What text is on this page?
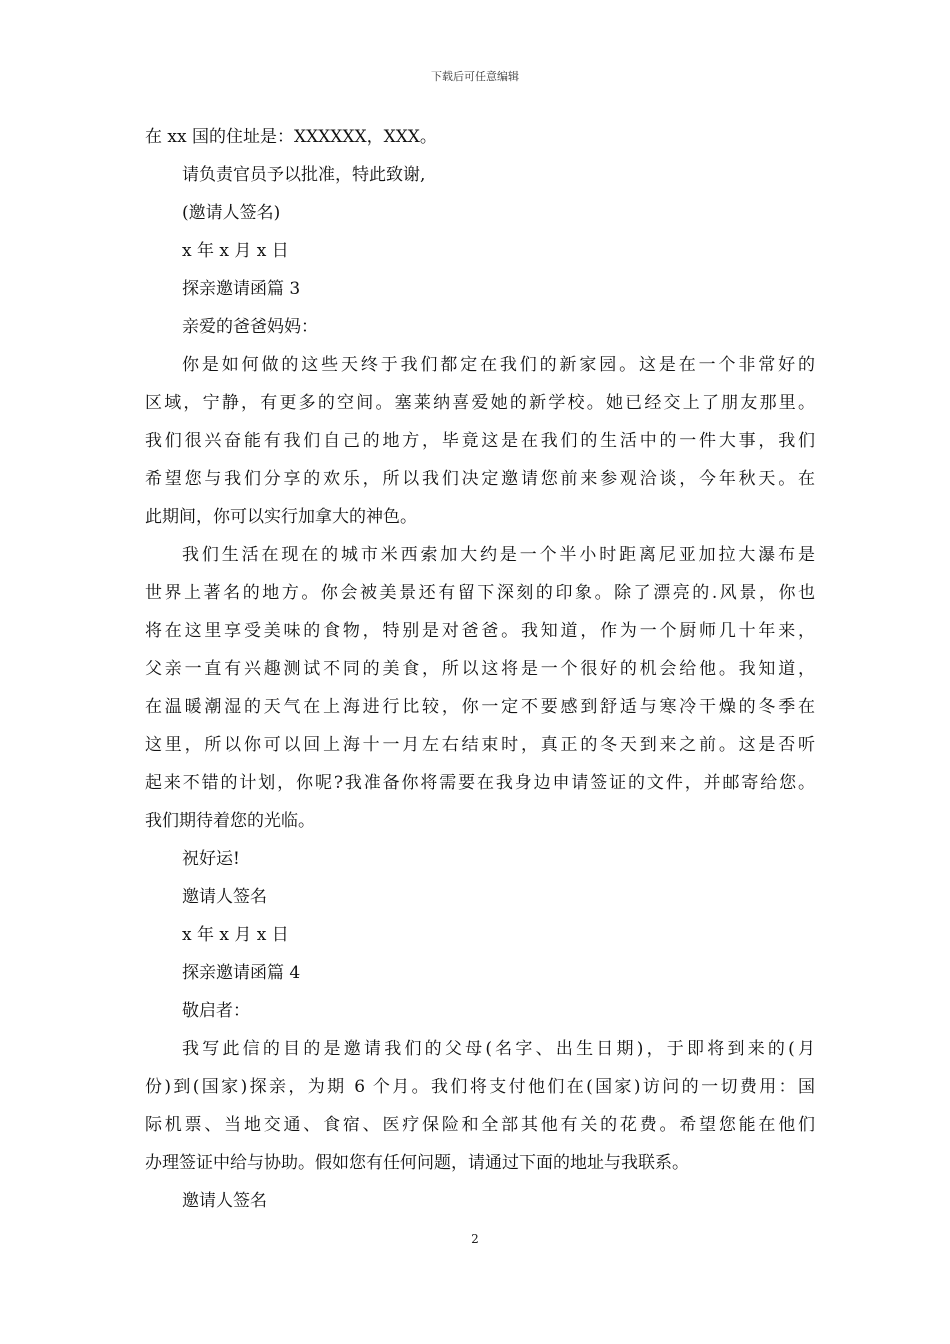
下载后可任意编辑
在 xx 国的住址是：XXXXXX，XXX。
请负责官员予以批准，特此致谢,
(邀请人签名)
x 年 x 月 x 日
探亲邀请函篇 3
亲爱的爸爸妈妈：
你是如何做的这些天终于我们都定在我们的新家园。这是在一个非常好的
区域，宁静，有更多的空间。塞莱纳喜爱她的新学校。她已经交上了朋友那里。
我们很兴奋能有我们自己的地方，毕竟这是在我们的生活中的一件大事，我们
希望您与我们分享的欢乐，所以我们决定邀请您前来参观洽谈，今年秋天。在
此期间，你可以实行加拿大的神色。
我们生活在现在的城市米西索加大约是一个半小时距离尼亚加拉大瀑布是
世界上著名的地方。你会被美景还有留下深刻的印象。除了漂亮的.风景，你也
将在这里享受美味的食物，特别是对爸爸。我知道，作为一个厨师几十年来，
父亲一直有兴趣测试不同的美食，所以这将是一个很好的机会给他。我知道，
在温暖潮湿的天气在上海进行比较，你一定不要感到舒适与寒冷干燥的冬季在
这里，所以你可以回上海十一月左右结束时，真正的冬天到来之前。这是否听
起来不错的计划，你呢?我准备你将需要在我身边申请签证的文件，并邮寄给您。
我们期待着您的光临。
祝好运!
邀请人签名
x 年 x 月 x 日
探亲邀请函篇 4
敬启者：
我写此信的目的是邀请我们的父母(名字、出生日期)，于即将到来的(月
份)到(国家)探亲，为期 6 个月。我们将支付他们在(国家)访问的一切费用：国
际机票、当地交通、食宿、医疗保险和全部其他有关的花费。希望您能在他们
办理签证中给与协助。假如您有任何问题，请通过下面的地址与我联系。
邀请人签名
2
